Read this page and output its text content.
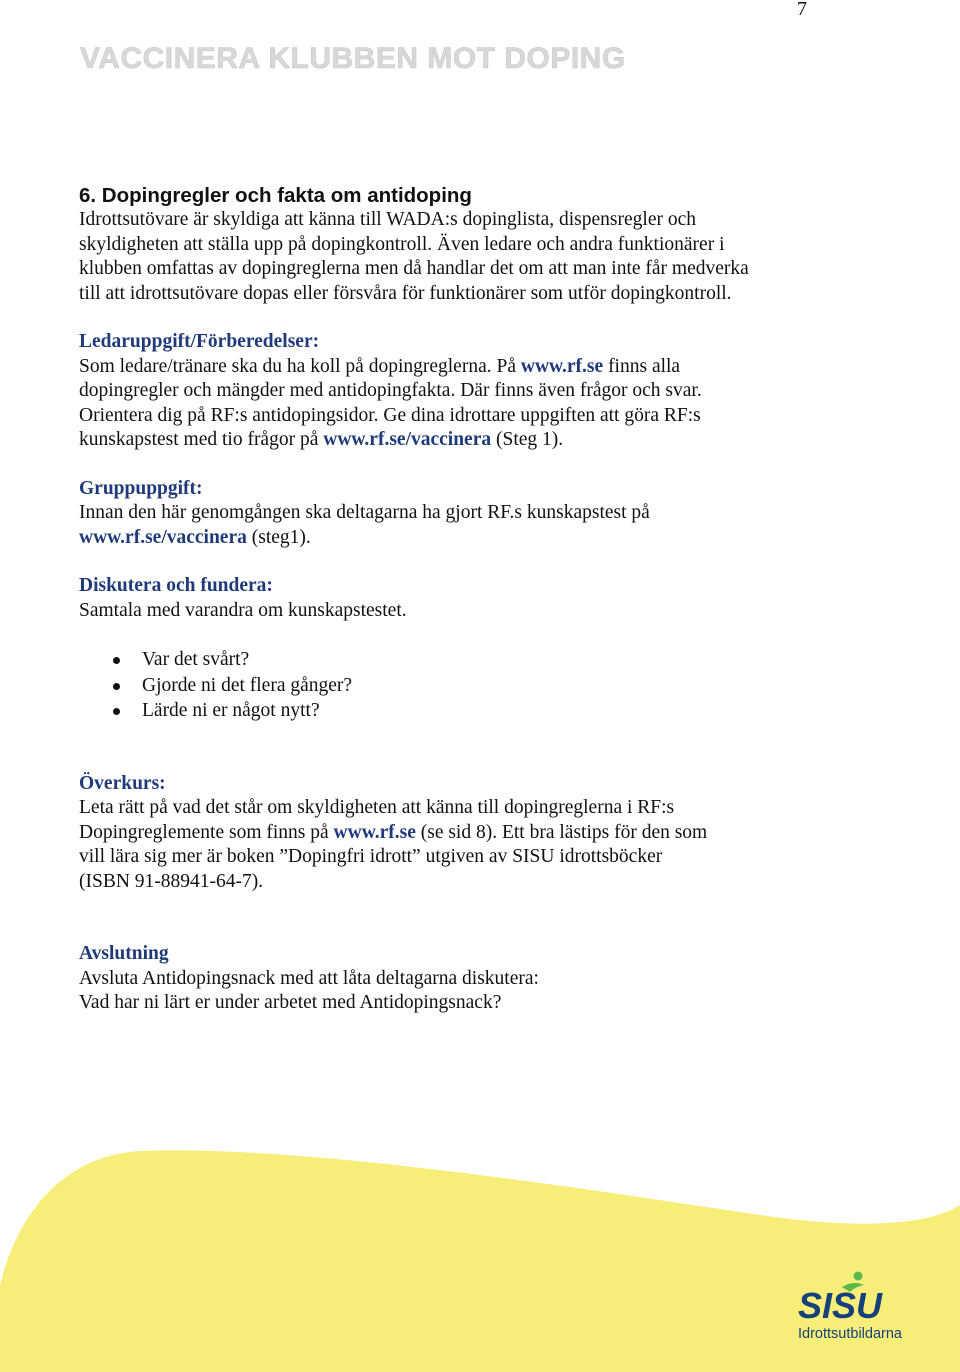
7
VACCINERA KLUBBEN MOT DOPING
6. Dopingregler och fakta om antidoping

Idrottsutövare är skyldiga att känna till WADA:s dopinglista, dispensregler och

skyldigheten att ställa upp på dopingkontroll. Även ledare och andra funktionärer i

klubben omfattas av dopingreglerna men då handlar det om att man inte får medverka

till att idrottsutövare dopas eller försvåra för funktionärer som utför dopingkontroll.

Ledaruppgift/Förberedelser:

Som ledare/tränare ska du ha koll på dopingreglerna. På www.rf.se finns alla

dopingregler och mängder med antidopingfakta. Där finns även frågor och svar.

Orientera dig på RF:s antidopingsidor. Ge dina idrottare uppgiften att göra RF:s

kunskapstest med tio frågor på www.rf.se/vaccinera (Steg 1).

Gruppuppgift:

Innan den här genomgången ska deltagarna ha gjort RF.s kunskapstest på

www.rf.se/vaccinera (steg1).

Diskutera och fundera:

Samtala med varandra om kunskapstestet.

Var det svårt?
Gjorde ni det flera gånger?
Lärde ni er något nytt?

Överkurs:

Leta rätt på vad det står om skyldigheten att känna till dopingreglerna i RF:s

Dopingreglemente som finns på www.rf.se (se sid 8). Ett bra lästips för den som

vill lära sig mer är boken ”Dopingfri idrott” utgiven av SISU idrottsböcker

(ISBN 91-88941-64-7).

Avslutning

Avsluta Antidopingsnack med att låta deltagarna diskutera:

Vad har ni lärt er under arbetet med Antidopingsnack?

SISU
Idrottsutbildarna
